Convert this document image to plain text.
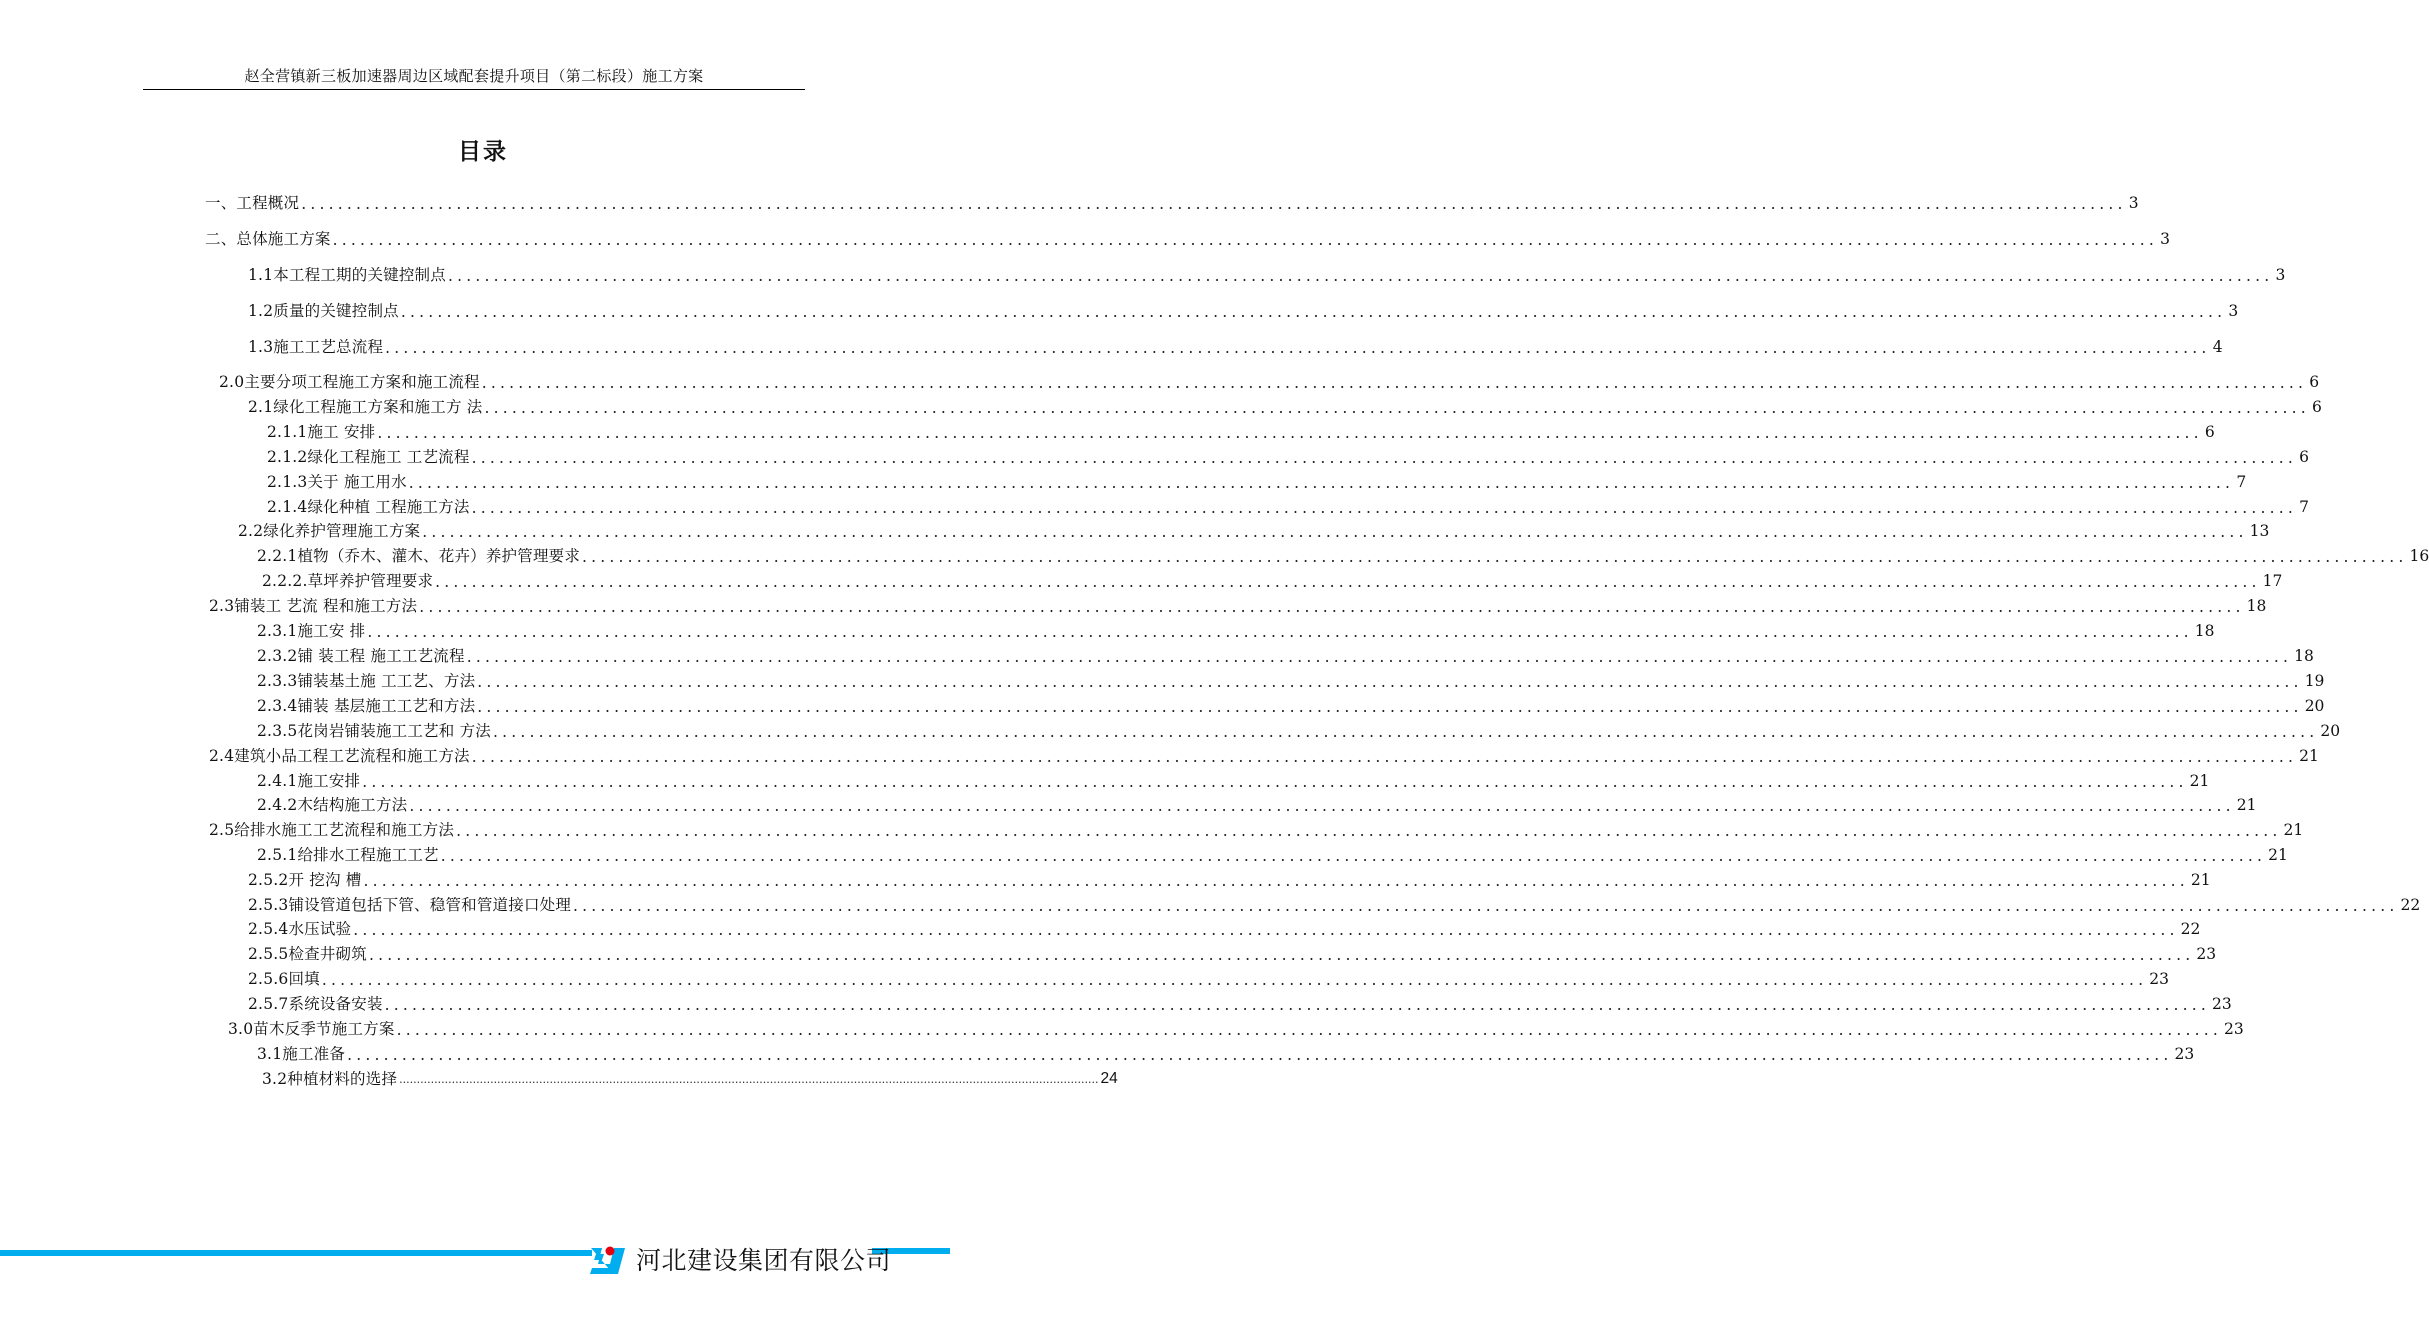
赵全营镇新三板加速器周边区域配套提升项目（第二标段）施工方案
目录
一、工程概况 ........................................................................................................................................................................................................ 3
二、总体施工方案 ........................................................................................................................................................................................................ 3
1.1本工程工期的关键控制点 ........................................................................................................................................................................................................ 3
1.2质量的关键控制点 ........................................................................................................................................................................................................ 3
1.3施工工艺总流程 ........................................................................................................................................................................................................ 4
2.0主要分项工程施工方案和施工流程 ........................................................................................................................................................................................................ 6
2.1绿化工程施工方案和施工方 法 ........................................................................................................................................................................................................ 6
2.1.1施工 安排 ........................................................................................................................................................................................................ 6
2.1.2绿化工程施工 工艺流程 ........................................................................................................................................................................................................ 6
2.1.3关于 施工用水 ........................................................................................................................................................................................................ 7
2.1.4绿化种植 工程施工方法 ........................................................................................................................................................................................................ 7
2.2绿化养护管理施工方案 ........................................................................................................................................................................................................ 13
2.2.1植物（乔木、灌木、花卉）养护管理要求 ........................................................................................................................................................................................................ 16
2.2.2.草坪养护管理要求 ........................................................................................................................................................................................................ 17
2.3铺装工 艺流 程和施工方法 ........................................................................................................................................................................................................ 18
2.3.1施工安 排 ........................................................................................................................................................................................................ 18
2.3.2铺 装工程 施工工艺流程 ........................................................................................................................................................................................................ 18
2.3.3铺装基土施 工工艺、方法 ........................................................................................................................................................................................................ 19
2.3.4铺装 基层施工工艺和方法 ........................................................................................................................................................................................................ 20
2.3.5花岗岩铺装施工工艺和 方法 ........................................................................................................................................................................................................ 20
2.4建筑小品工程工艺流程和施工方法 ........................................................................................................................................................................................................ 21
2.4.1施工安排 ........................................................................................................................................................................................................ 21
2.4.2木结构施工方法 ........................................................................................................................................................................................................ 21
2.5给排水施工工艺流程和施工方法 ........................................................................................................................................................................................................ 21
2.5.1给排水工程施工工艺 ........................................................................................................................................................................................................ 21
2.5.2开 挖沟 槽 ........................................................................................................................................................................................................ 21
2.5.3铺设管道包括下管、稳管和管道接口处理 ........................................................................................................................................................................................................ 22
2.5.4水压试验 ........................................................................................................................................................................................................ 22
2.5.5检查井砌筑 ........................................................................................................................................................................................................ 23
2.5.6回填 ........................................................................................................................................................................................................ 23
2.5.7系统设备安装 ........................................................................................................................................................................................................ 23
3.0苗木反季节施工方案 ........................................................................................................................................................................................................ 23
3.1施工准备 ........................................................................................................................................................................................................ 23
3.2种植材料的选择 ........................................................................................................................................................................................................ 24
河北建设集团有限公司
